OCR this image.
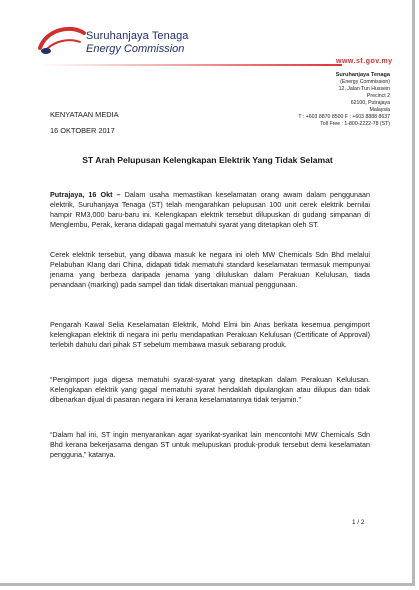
Suruhanjaya Tenaga
Energy Commission
www.st.gov.my
Suruhanjaya Tenaga
(Energy Commission)
12, Jalan Tun Hussein
Precinct 2
62100, Putrajaya
Malaysia
T : +603 8870 8500 F : +603 8888 8637
Toll Free : 1-800-2222-78 (ST)
KENYATAAN MEDIA
16 OKTOBER 2017
ST Arah Pelupusan Kelengkapan Elektrik Yang Tidak Selamat

Putrajaya, 16 Okt – Dalam usaha memastikan keselamatan orang awam dalam penggunaan elektrik, Suruhanjaya Tenaga (ST) telah mengarahkan pelupusan 100 unit cerek elektrik bernilai hampir RM3,000 baru-baru ini. Kelengkapan elektrik tersebut dilupuskan di gudang simpanan di Menglembu, Perak, kerana didapati gagal mematuhi syarat yang ditetapkan oleh ST.

Cerek elektrik tersebut, yang dibawa masuk ke negara ini oleh MW Chemicals Sdn Bhd melalui Pelabuhan Klang dari China, didapati tidak mematuhi standard keselamatan termasuk mempunyai jenama yang berbeza daripada jenama yang diluluskan dalam Perakuan Kelulusan, tiada penandaan (marking) pada sampel dan tidak disertakan manual penggunaan.

Pengarah Kawal Selia Keselamatan Elektrik, Mohd Elmi bin Anas berkata kesemua pengimport kelengkapan elektrik di negara ini perlu mendapatkan Perakuan Kelulusan (Certificate of Approval) terlebih dahulu dari pihak ST sebelum membawa masuk sebarang produk.

“Pengimport juga digesa mematuhi syarat-syarat yang ditetapkan dalam Perakuan Kelulusan. Kelengkapan elektrik yang gagal mematuhi syarat hendaklah dipulangkan atau dilupus dan tidak dibenarkan dijual di pasaran negara ini kerana keselamatannya tidak terjamin.”

“Dalam hal ini, ST ingin menyarankan agar syarikat-syarikat lain mencontohi MW Chemicals Sdn Bhd kerana bekerjasama dengan ST untuk melupuskan produk-produk tersebut demi keselamatan pengguna,” katanya.

1 / 2
